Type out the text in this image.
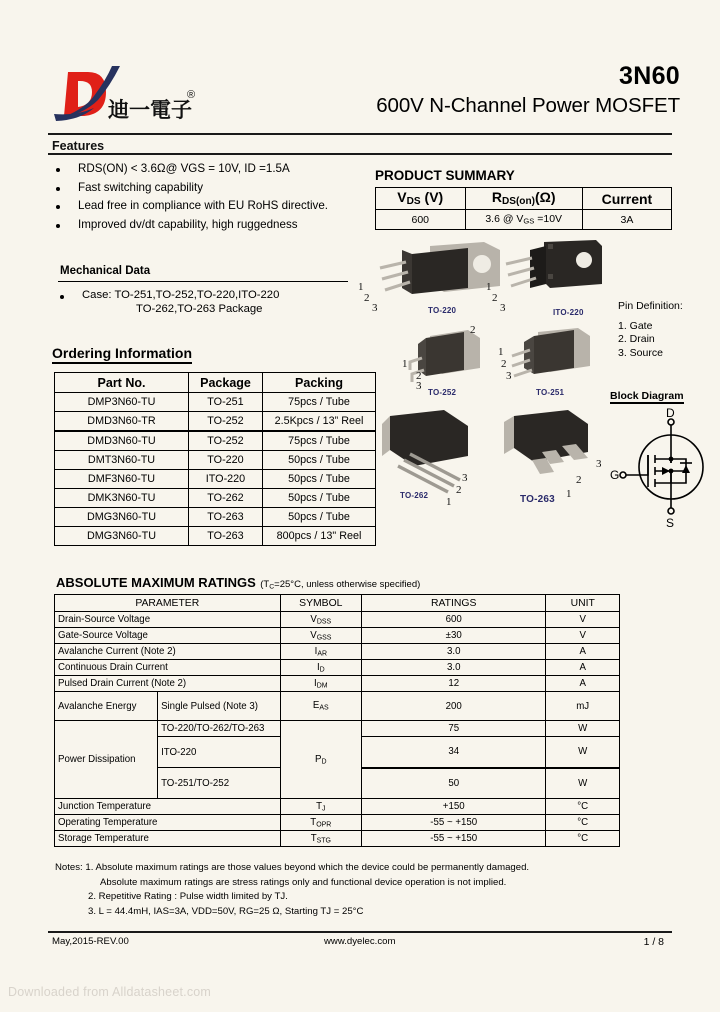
迪一電子
®
3N60
600V N-Channel Power MOSFET
Features
RDS(ON) < 3.6Ω@ VGS = 10V, ID =1.5A
Fast switching capability
Lead free in compliance with EU RoHS directive.
Improved dv/dt capability, high ruggedness
PRODUCT SUMMARY
$V_{DS}$ (V)	$R_{DS(on)}(\Omega)$	Current
600	3.6 @ $V_{GS} =10V$	3A
Mechanical Data
Case: TO-251,TO-252,TO-220,ITO-220
TO-262,TO-263 Package
Ordering Information
Part No.	Package	Packing
DMP3N60-TU	TO-251	75pcs / Tube
DMD3N60-TR	TO-252	2.5Kpcs / 13” Reel
DMD3N60-TU	TO-252	75pcs / Tube
DMT3N60-TU	TO-220	50pcs / Tube
DMF3N60-TU	ITO-220	50pcs / Tube
DMK3N60-TU	TO-262	50pcs / Tube
DMG3N60-TU	TO-263	50pcs / Tube
DMG3N60-TU	TO-263	800pcs / 13" Reel
1
2
3	TO-220
1
2
3	ITO-220
2
1
2
3
TO-252
1
2
3
TO-251
3
2
1
TO-262
3
2
1
TO-263
Pin Definition:
1. Gate
2. Drain
3. Source
Block Diagram
D
G
S
ABSOLUTE MAXIMUM RATINGS ($T_C=25^\circ C$, unless otherwise specified)
PARAMETER		SYMBOL	RATINGS	UNIT
Drain-Source Voltage		$V_{DSS}$	600	V
Gate-Source Voltage		$V_{GSS}$	±30	V
Avalanche Current (Note 2)		$I_{AR}$	3.0	A
Continuous Drain Current		$I_D$	3.0	A
Pulsed Drain Current (Note 2)		$I_{DM}$	12	A
Avalanche Energy	Single Pulsed (Note 3)	$E_{AS}$	200	mJ
Power Dissipation	TO-220/TO-262/TO-263	$P_D$	75	W
	ITO-220		34	W
	TO-251/TO-252		50	W
Junction Temperature		$T_J$	+150	°C
Operating Temperature		$T_{OPR}$	-55 ~ +150	°C
Storage Temperature		$T_{STG}$	-55 ~ +150	°C
Notes: 1. Absolute maximum ratings are those values beyond which the device could be permanently damaged.
Absolute maximum ratings are stress ratings only and functional device operation is not implied.
2. Repetitive Rating : Pulse width limited by TJ.
3. L = 44.4mH, IAS=3A, VDD=50V, RG=25 Ω, Starting TJ = 25°C
May,2015-REV.00	www.dyelec.com	1 / 8
Downloaded from Alldatasheet.com
